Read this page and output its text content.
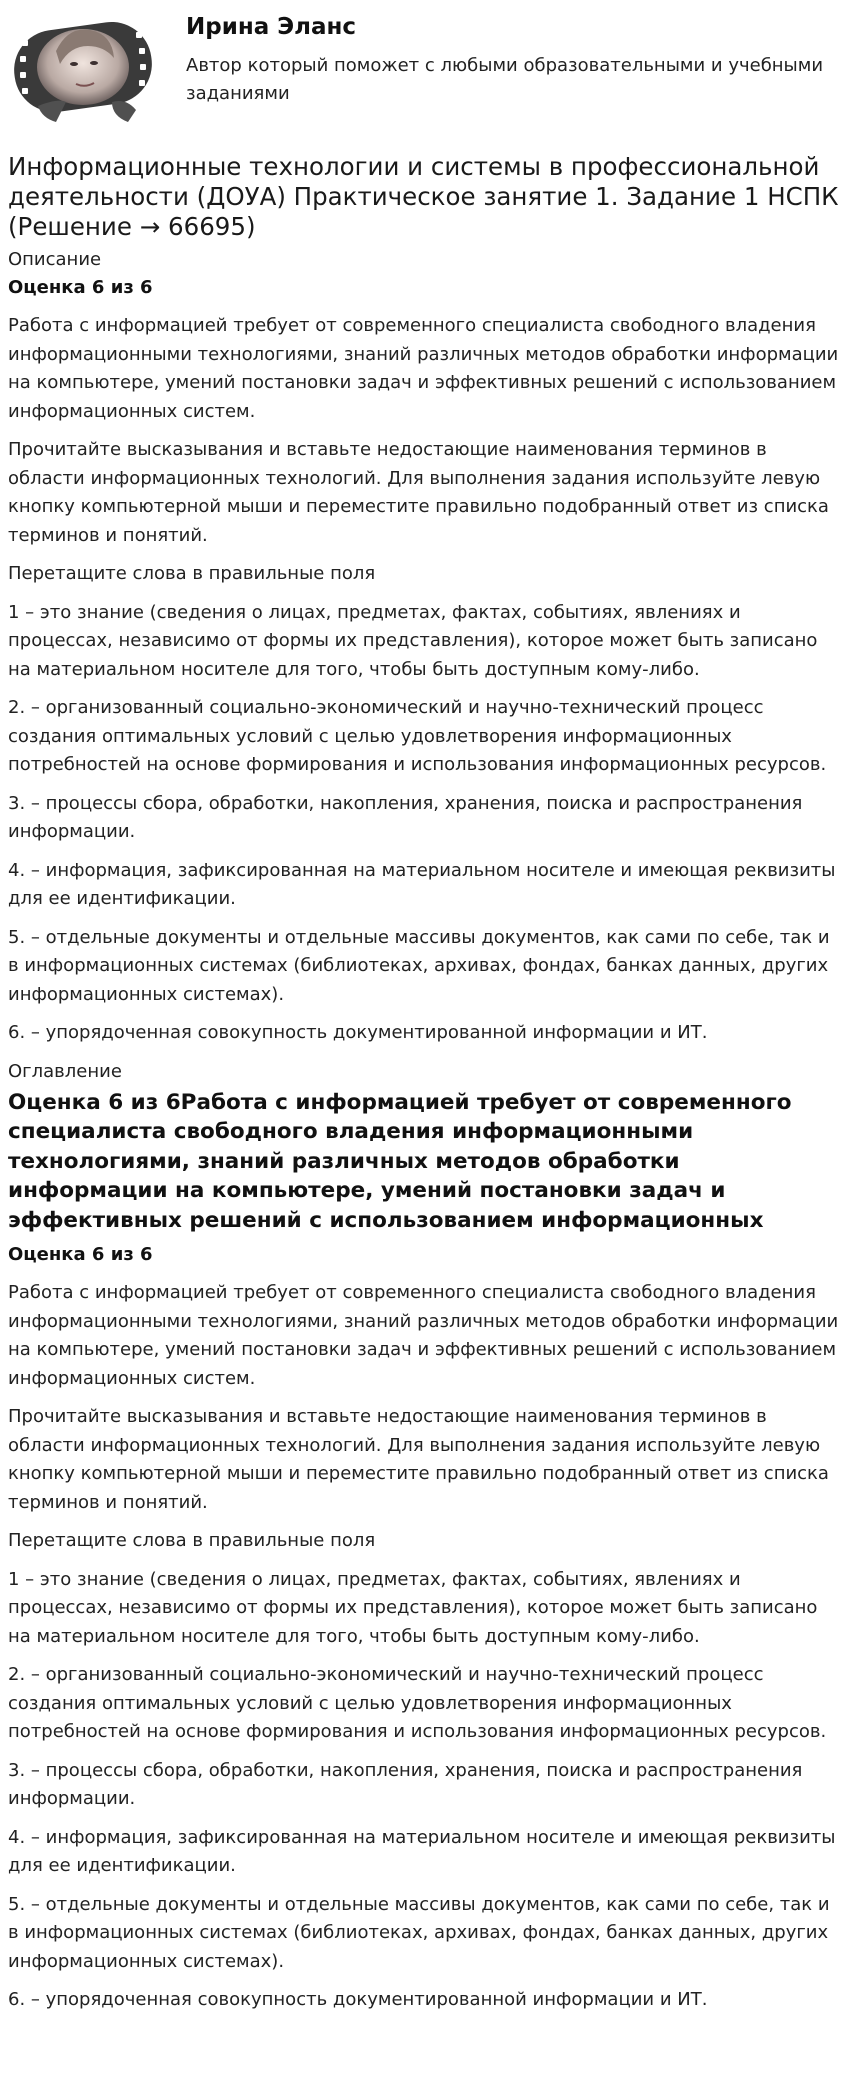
Ирина Эланс
Автор который поможет с любыми образовательными и учебными заданиями
Информационные технологии и системы в профессиональной деятельности (ДОУА) Практическое занятие 1. Задание 1 НСПК (Решение → 66695)
Описание
Оценка 6 из 6

Работа с информацией требует от современного специалиста свободного владения информационными технологиями, знаний различных методов обработки информации на компьютере, умений постановки задач и эффективных решений с использованием информационных систем.

Прочитайте высказывания и вставьте недостающие наименования терминов в области информационных технологий. Для выполнения задания используйте левую кнопку компьютерной мыши и переместите правильно подобранный ответ из списка терминов и понятий.

Перетащите слова в правильные поля

1 – это знание (сведения о лицах, предметах, фактах, событиях, явлениях и процессах, независимо от формы их представления), которое может быть записано на материальном носителе для того, чтобы быть доступным кому-либо.

2. – организованный социально-экономический и научно-технический процесс создания оптимальных условий с целью удовлетворения информационных потребностей на основе формирования и использования информационных ресурсов.

3. – процессы сбора, обработки, накопления, хранения, поиска и распространения информации.

4. – информация, зафиксированная на материальном носителе и имеющая реквизиты для ее идентификации.

5. – отдельные документы и отдельные массивы документов, как сами по себе, так и в информационных системах (библиотеках, архивах, фондах, банках данных, других информационных системах).

6. – упорядоченная совокупность документированной информации и ИТ.

Оглавление
Оценка 6 из 6Работа с информацией требует от современного специалиста свободного владения информационными технологиями, знаний различных методов обработки информации на компьютере, умений постановки задач и эффективных решений с использованием информационных
Оценка 6 из 6

Работа с информацией требует от современного специалиста свободного владения информационными технологиями, знаний различных методов обработки информации на компьютере, умений постановки задач и эффективных решений с использованием информационных систем.

Прочитайте высказывания и вставьте недостающие наименования терминов в области информационных технологий. Для выполнения задания используйте левую кнопку компьютерной мыши и переместите правильно подобранный ответ из списка терминов и понятий.

Перетащите слова в правильные поля

1 – это знание (сведения о лицах, предметах, фактах, событиях, явлениях и процессах, независимо от формы их представления), которое может быть записано на материальном носителе для того, чтобы быть доступным кому-либо.

2. – организованный социально-экономический и научно-технический процесс создания оптимальных условий с целью удовлетворения информационных потребностей на основе формирования и использования информационных ресурсов.

3. – процессы сбора, обработки, накопления, хранения, поиска и распространения информации.

4. – информация, зафиксированная на материальном носителе и имеющая реквизиты для ее идентификации.

5. – отдельные документы и отдельные массивы документов, как сами по себе, так и в информационных системах (библиотеках, архивах, фондах, банках данных, других информационных системах).

6. – упорядоченная совокупность документированной информации и ИТ.
